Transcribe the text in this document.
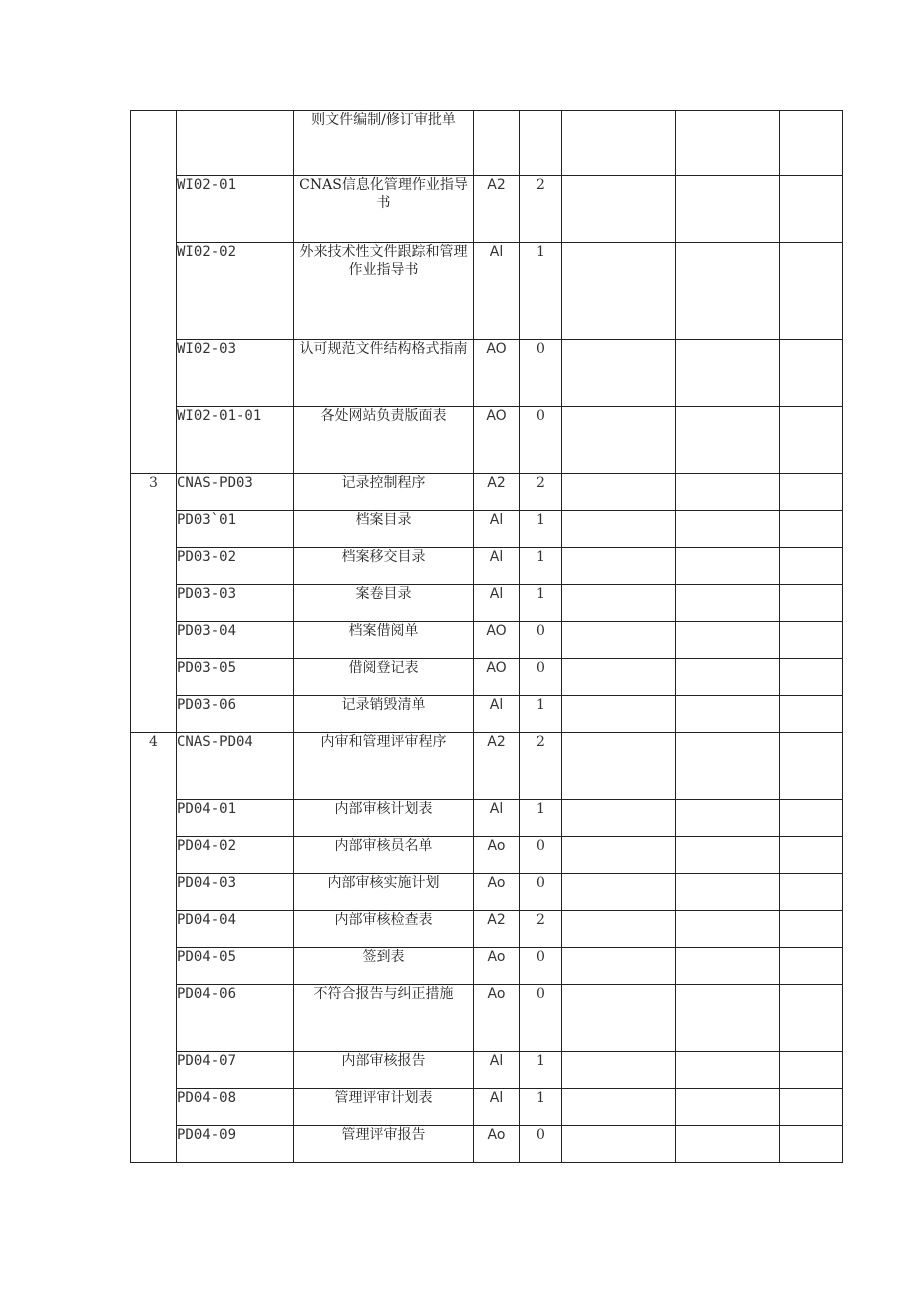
		则文件编制/修订审批单					
	WI02-01	CNAS信息化管理作业指导书	A2	2			
	WI02-02	外来技术性文件跟踪和管理作业指导书	Al	1			
	WI02-03	认可规范文件结构格式指南	AO	0			
	WI02-01-01	各处网站负责版面表	AO	0			
3	CNAS-PD03	记录控制程序	A2	2			
	PD03`01	档案目录	Al	1			
	PD03-02	档案移交目录	Al	1			
	PD03-03	案卷目录	Al	1			
	PD03-04	档案借阅单	AO	0			
	PD03-05	借阅登记表	AO	0			
	PD03-06	记录销毁清单	Al	1			
4	CNAS-PD04	内审和管理评审程序	A2	2			
	PD04-01	内部审核计划表	Al	1			
	PD04-02	内部审核员名单	Ao	0			
	PD04-03	内部审核实施计划	Ao	0			
	PD04-04	内部审核检查表	A2	2			
	PD04-05	签到表	Ao	0			
	PD04-06	不符合报告与纠正措施	Ao	0			
	PD04-07	内部审核报告	Al	1			
	PD04-08	管理评审计划表	Al	1			
	PD04-09	管理评审报告	Ao	0			
